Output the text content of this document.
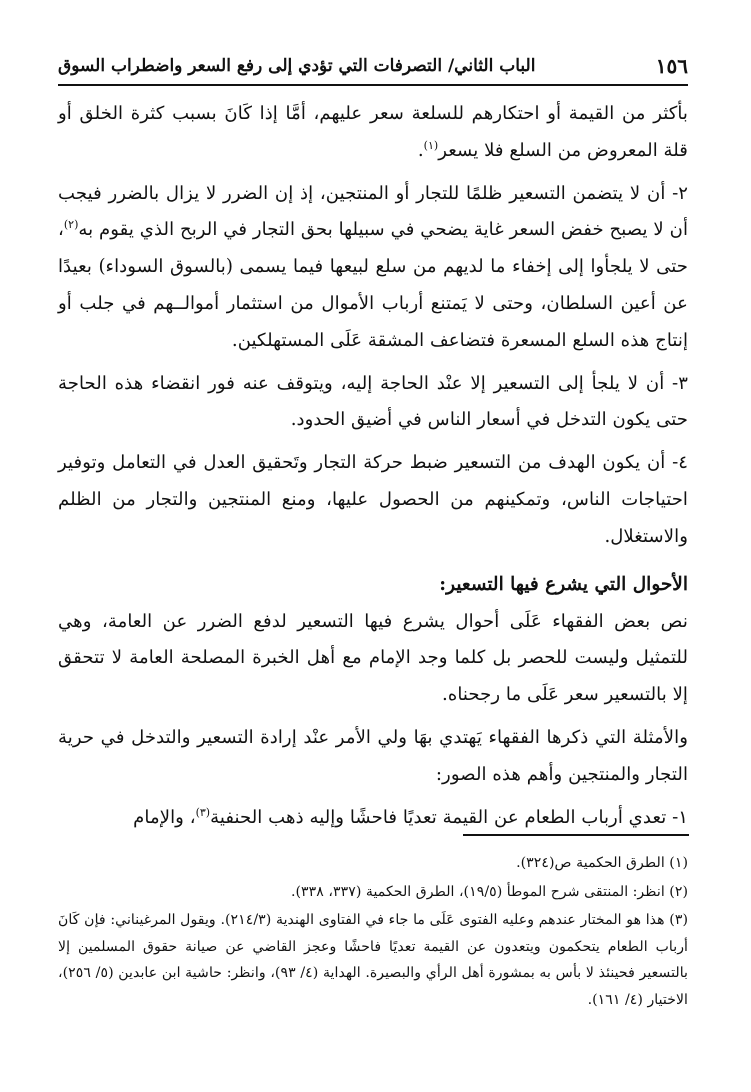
١٥٦
الباب الثاني/ التصرفات التي تؤدي إلى رفع السعر واضطراب السوق

بأكثر من القيمة أو احتكارهم للسلعة سعر عليهم، أمَّا إذا كَانَ بسبب كثرة الخلق أو قلة المعروض من السلع فلا يسعر$^{(١)}$.

٢- أن لا يتضمن التسعير ظلمًا للتجار أو المنتجين، إذ إن الضرر لا يزال بالضرر فيجب أن لا يصبح خفض السعر غاية يضحي في سبيلها بحق التجار في الربح الذي يقوم به$^{(٢)}$، حتى لا يلجأوا إلى إخفاء ما لديهم من سلع لبيعها فيما يسمى (بالسوق السوداء) بعيدًا عن أعين السلطان، وحتى لا يَمتنع أرباب الأموال من استثمار أموالــهم في جلب أو إنتاج هذه السلع المسعرة فتضاعف المشقة عَلَى المستهلكين.

٣- أن لا يلجأ إلى التسعير إلا عنْد الحاجة إليه، ويتوقف عنه فور انقضاء هذه الحاجة حتى يكون التدخل في أسعار الناس في أضيق الحدود.

٤- أن يكون الهدف من التسعير ضبط حركة التجار وتَحقيق العدل في التعامل وتوفير احتياجات الناس، وتمكينهم من الحصول عليها، ومنع المنتجين والتجار من الظلم والاستغلال.

الأحوال التي يشرع فيها التسعير:

نص بعض الفقهاء عَلَى أحوال يشرع فيها التسعير لدفع الضرر عن العامة، وهي للتمثيل وليست للحصر بل كلما وجد الإمام مع أهل الخبرة المصلحة العامة لا تتحقق إلا بالتسعير سعر عَلَى ما رجحناه.

والأمثلة التي ذكرها الفقهاء يَهتدي بهَا ولي الأمر عنْد إرادة التسعير والتدخل في حرية التجار والمنتجين وأهم هذه الصور:

١- تعدي أرباب الطعام عن القيمة تعديًا فاحشًا وإليه ذهب الحنفية$^{(٣)}$، والإمام

(١) الطرق الحكمية ص(٣٢٤).

(٢) انظر: المنتقى شرح الموطأ (١٩/٥)، الطرق الحكمية (٣٣٧، ٣٣٨).

(٣) هذا هو المختار عندهم وعليه الفتوى عَلَى ما جاء في الفتاوى الهندية (٢١٤/٣). ويقول المرغيناني: فإن كَانَ أرباب الطعام يتحكمون ويتعدون عن القيمة تعديًا فاحشًا وعجز القاضي عن صيانة حقوق المسلمين إلا بالتسعير فحينئذ لا بأس به بمشورة أهل الرأي والبصيرة. الهداية (٤/ ٩٣)، وانظر: حاشية ابن عابدين (٥/ ٢٥٦)، الاختيار (٤/ ١٦١).
